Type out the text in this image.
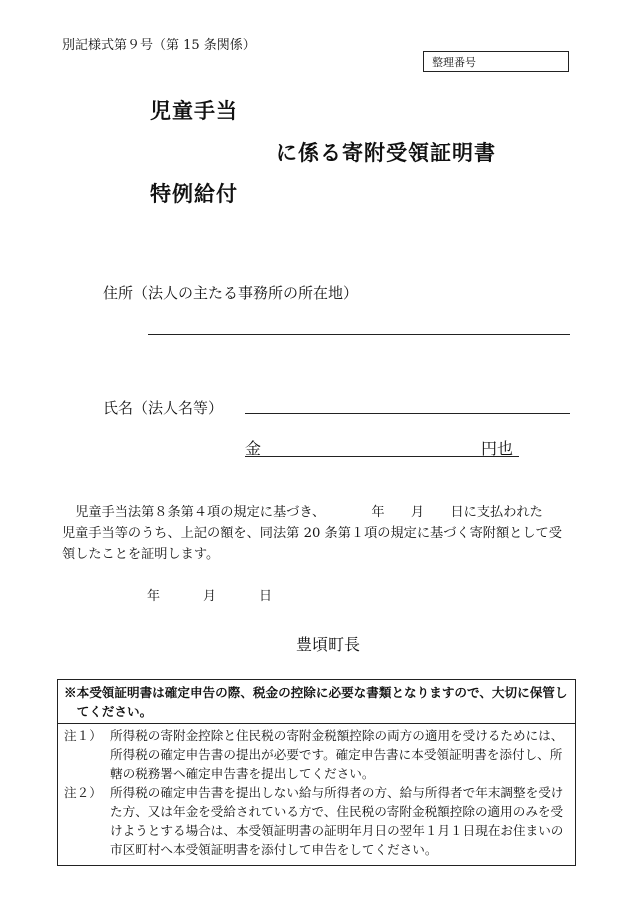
別記様式第９号（第 15 条関係）
整理番号
児童手当
に係る寄附受領証明書
特例給付
住所（法人の主たる事務所の所在地）
氏名（法人名等）
金	円也
児童手当法第８条第４項の規定に基づき、　　　　年　　月　　日に支払われた
児童手当等のうち、上記の額を、同法第 20 条第１項の規定に基づく寄附額として受
領したことを証明します。
年	月	日
豊頃町長
※本受領証明書は確定申告の際、税金の控除に必要な書類となりますので、大切に保管してください。
注１） 所得税の寄附金控除と住民税の寄附金税額控除の両方の適用を受けるためには、所得税の確定申告書の提出が必要です。確定申告書に本受領証明書を添付し、所轄の税務署へ確定申告書を提出してください。
注２） 所得税の確定申告書を提出しない給与所得者の方、給与所得者で年末調整を受けた方、又は年金を受給されている方で、住民税の寄附金税額控除の適用のみを受けようとする場合は、本受領証明書の証明年月日の翌年１月１日現在お住まいの市区町村へ本受領証明書を添付して申告をしてください。
